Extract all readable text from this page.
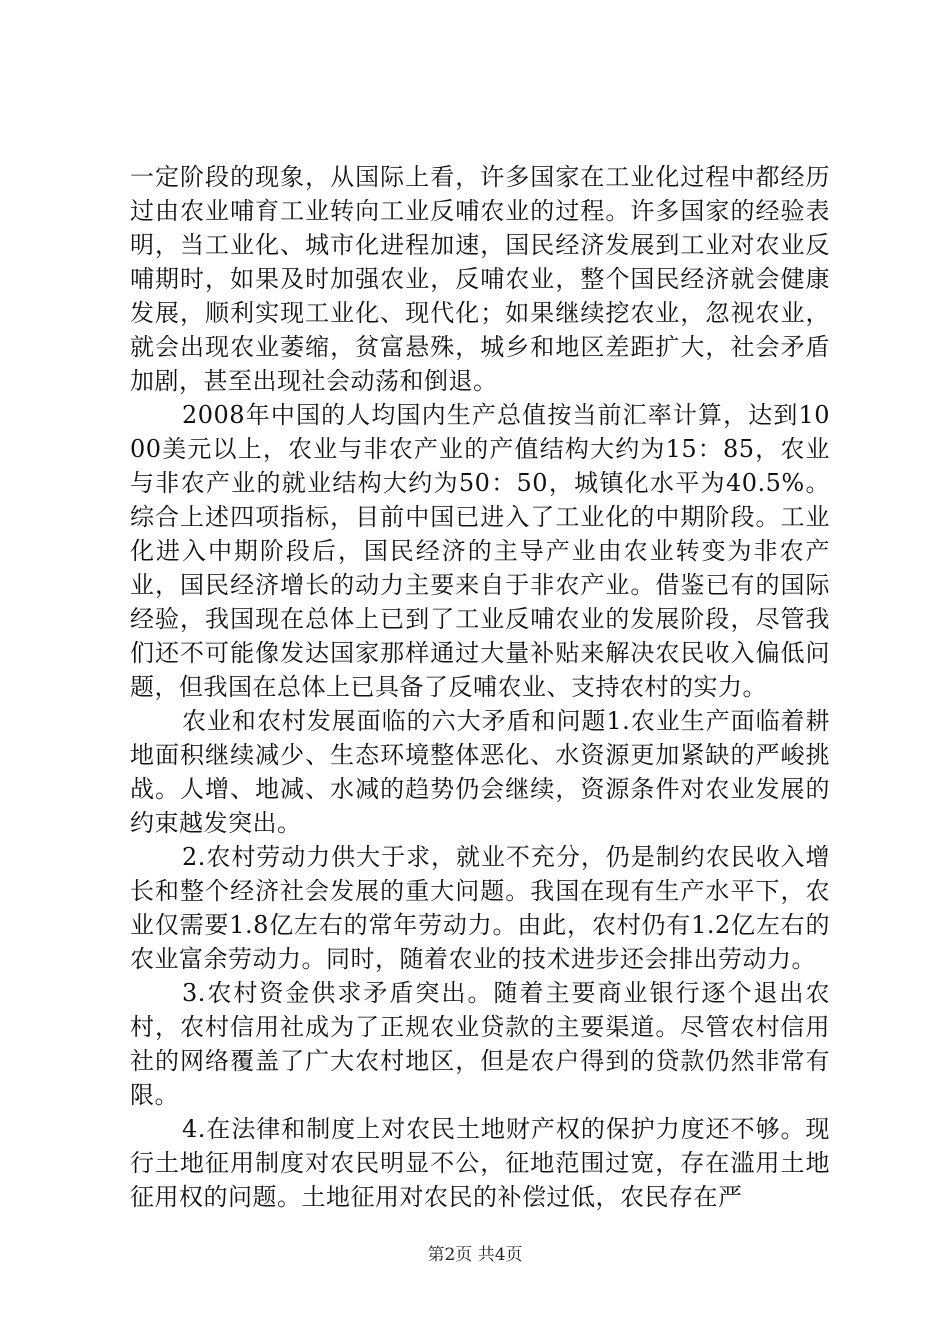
一定阶段的现象，从国际上看，许多国家在工业化过程中都经历过由农业哺育工业转向工业反哺农业的过程。许多国家的经验表明，当工业化、城市化进程加速，国民经济发展到工业对农业反哺期时，如果及时加强农业，反哺农业，整个国民经济就会健康发展，顺利实现工业化、现代化；如果继续挖农业，忽视农业，就会出现农业萎缩，贫富悬殊，城乡和地区差距扩大，社会矛盾加剧，甚至出现社会动荡和倒退。

2008年中国的人均国内生产总值按当前汇率计算，达到1000美元以上，农业与非农产业的产值结构大约为15：85，农业与非农产业的就业结构大约为50：50，城镇化水平为40.5%。综合上述四项指标，目前中国已进入了工业化的中期阶段。工业化进入中期阶段后，国民经济的主导产业由农业转变为非农产业，国民经济增长的动力主要来自于非农产业。借鉴已有的国际经验，我国现在总体上已到了工业反哺农业的发展阶段，尽管我们还不可能像发达国家那样通过大量补贴来解决农民收入偏低问题，但我国在总体上已具备了反哺农业、支持农村的实力。

农业和农村发展面临的六大矛盾和问题1.农业生产面临着耕地面积继续减少、生态环境整体恶化、水资源更加紧缺的严峻挑战。人增、地减、水减的趋势仍会继续，资源条件对农业发展的约束越发突出。

2.农村劳动力供大于求，就业不充分，仍是制约农民收入增长和整个经济社会发展的重大问题。我国在现有生产水平下，农业仅需要1.8亿左右的常年劳动力。由此，农村仍有1.2亿左右的农业富余劳动力。同时，随着农业的技术进步还会排出劳动力。

3.农村资金供求矛盾突出。随着主要商业银行逐个退出农村，农村信用社成为了正规农业贷款的主要渠道。尽管农村信用社的网络覆盖了广大农村地区，但是农户得到的贷款仍然非常有限。

4.在法律和制度上对农民土地财产权的保护力度还不够。现行土地征用制度对农民明显不公，征地范围过宽，存在滥用土地征用权的问题。土地征用对农民的补偿过低，农民存在严

第2页 共4页
